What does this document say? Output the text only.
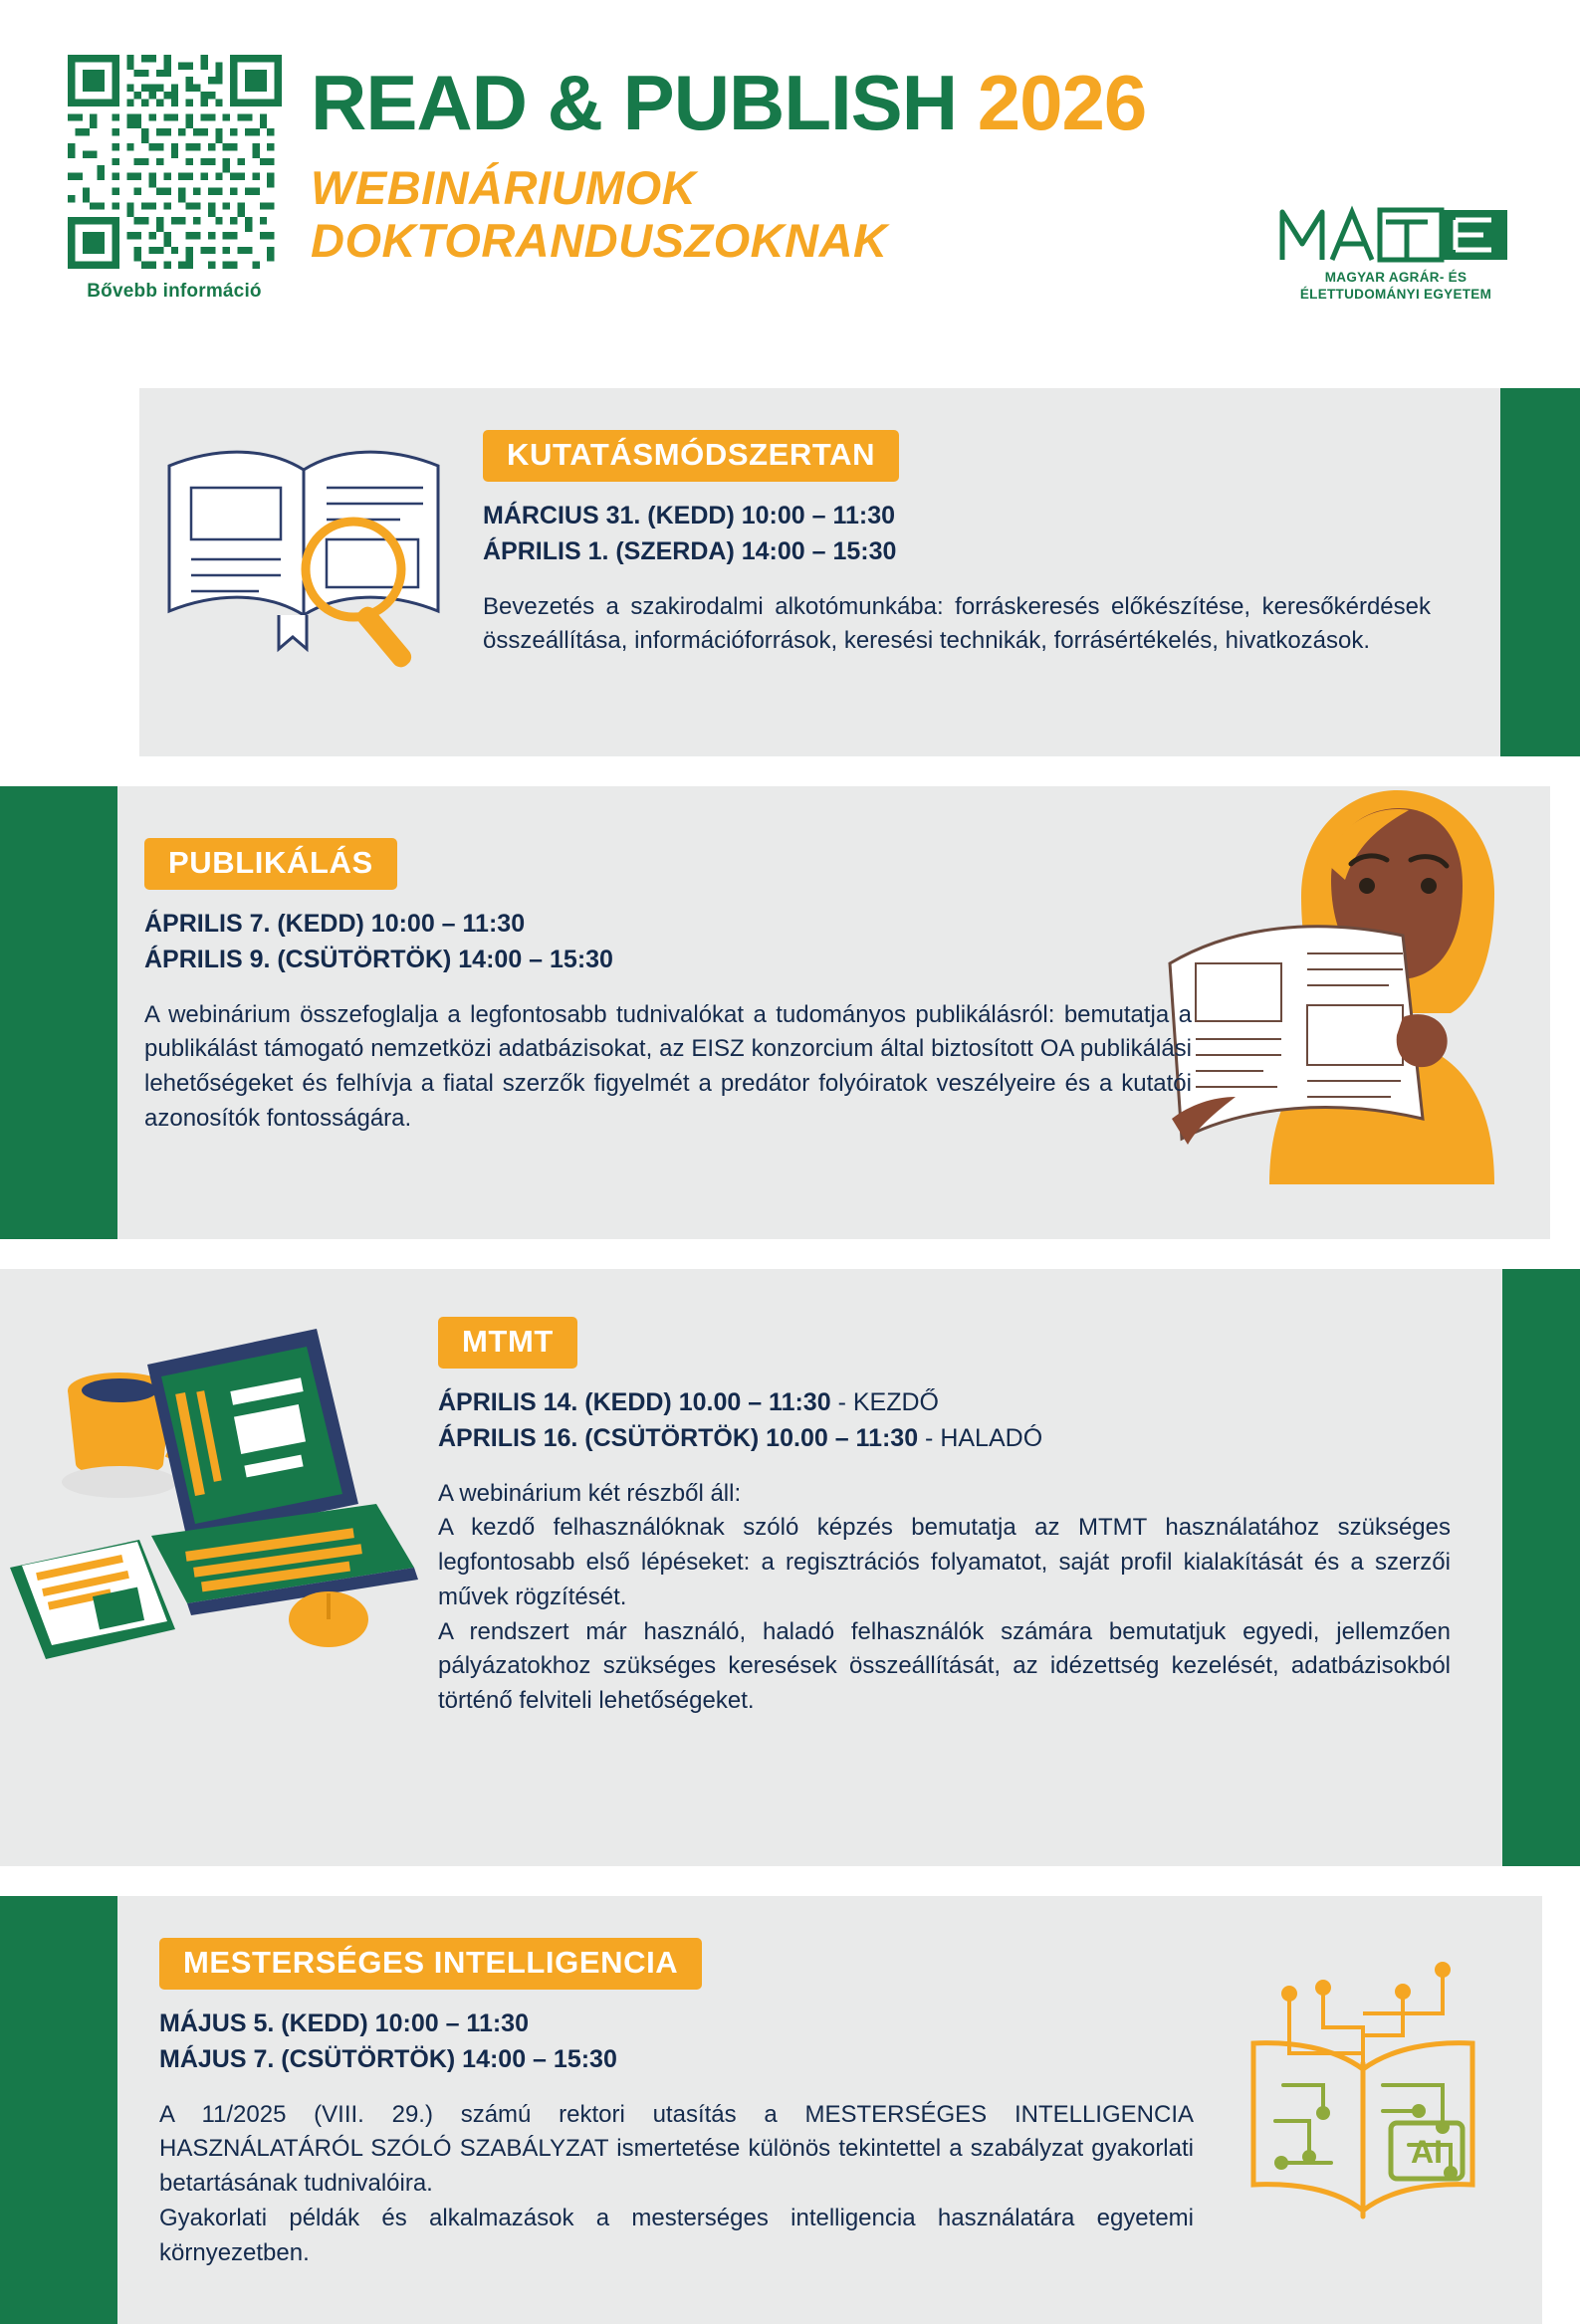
Bővebb információ
READ & PUBLISH 2026
WEBINÁRIUMOK
DOKTORANDUSZOKNAK
MAGYAR AGRÁR- ÉS
ÉLETTUDOMÁNYI EGYETEM
KUTATÁSMÓDSZERTAN
MÁRCIUS 31. (KEDD) 10:00 – 11:30
ÁPRILIS 1. (SZERDA) 14:00 – 15:30

Bevezetés a szakirodalmi alkotómunkába: forráskeresés előkészítése, keresőkérdések összeállítása, információforrások, keresési technikák, forrásértékelés, hivatkozások.

PUBLIKÁLÁS
ÁPRILIS 7. (KEDD) 10:00 – 11:30
ÁPRILIS 9. (CSÜTÖRTÖK) 14:00 – 15:30

A webinárium összefoglalja a legfontosabb tudnivalókat a tudományos publikálásról: bemutatja a publikálást támogató nemzetközi adatbázisokat, az EISZ konzorcium által biztosított OA publikálási lehetőségeket és felhívja a fiatal szerzők figyelmét a predátor folyóiratok veszélyeire és a kutatói azonosítók fontosságára.

MTMT
ÁPRILIS 14. (KEDD) 10.00 – 11:30 - KEZDŐ
ÁPRILIS 16. (CSÜTÖRTÖK) 10.00 – 11:30 - HALADÓ

A webinárium két részből áll:

A kezdő felhasználóknak szóló képzés bemutatja az MTMT használatához szükséges legfontosabb első lépéseket: a regisztrációs folyamatot, saját profil kialakítását és a szerzői művek rögzítését.

A rendszert már használó, haladó felhasználók számára bemutatjuk egyedi, jellemzően pályázatokhoz szükséges keresések összeállítását, az idézettség kezelését, adatbázisokból történő felviteli lehetőségeket.

MESTERSÉGES INTELLIGENCIA
MÁJUS 5. (KEDD) 10:00 – 11:30
MÁJUS 7. (CSÜTÖRTÖK) 14:00 – 15:30

A 11/2025 (VIII. 29.) számú rektori utasítás a MESTERSÉGES INTELLIGENCIA HASZNÁLATÁRÓL SZÓLÓ SZABÁLYZAT ismertetése különös tekintettel a szabályzat gyakorlati betartásának tudnivalóira.

Gyakorlati példák és alkalmazások a mesterséges intelligencia használatára egyetemi környezetben.

AI
